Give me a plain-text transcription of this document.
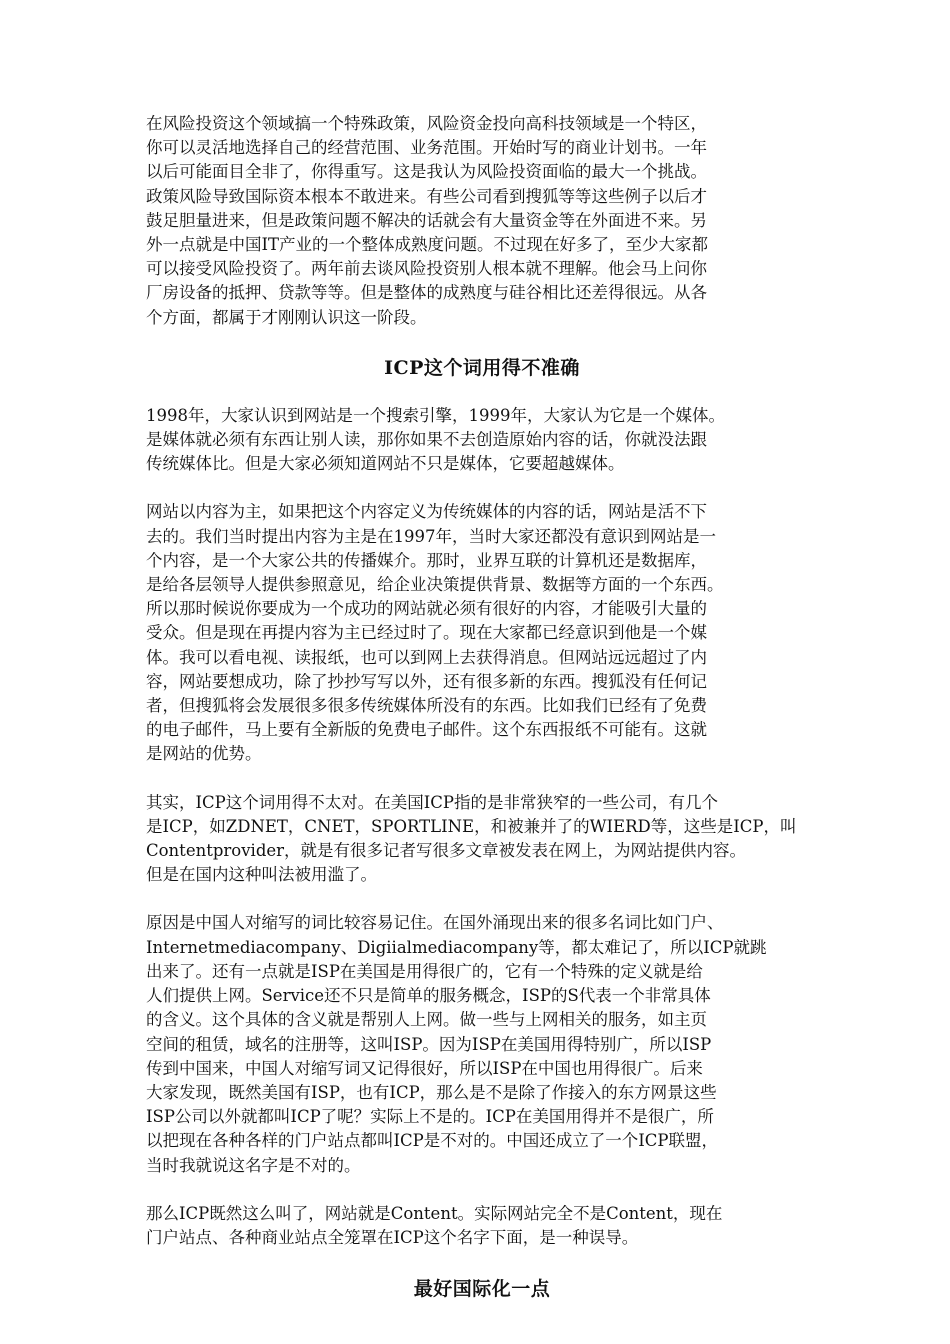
在风险投资这个领域搞一个特殊政策，风险资金投向高科技领域是一个特区，
你可以灵活地选择自己的经营范围、业务范围。开始时写的商业计划书。一年
以后可能面目全非了，你得重写。这是我认为风险投资面临的最大一个挑战。
政策风险导致国际资本根本不敢进来。有些公司看到搜狐等等这些例子以后才
鼓足胆量进来，但是政策问题不解决的话就会有大量资金等在外面进不来。另
外一点就是中国IT产业的一个整体成熟度问题。不过现在好多了，至少大家都
可以接受风险投资了。两年前去谈风险投资别人根本就不理解。他会马上问你
厂房设备的抵押、贷款等等。但是整体的成熟度与硅谷相比还差得很远。从各
个方面，都属于才刚刚认识这一阶段。

ICP这个词用得不准确

1998年，大家认识到网站是一个搜索引擎，1999年，大家认为它是一个媒体。
是媒体就必须有东西让别人读，那你如果不去创造原始内容的话，你就没法跟
传统媒体比。但是大家必须知道网站不只是媒体，它要超越媒体。

网站以内容为主，如果把这个内容定义为传统媒体的内容的话，网站是活不下
去的。我们当时提出内容为主是在1997年，当时大家还都没有意识到网站是一
个内容，是一个大家公共的传播媒介。那时，业界互联的计算机还是数据库，
是给各层领导人提供参照意见，给企业决策提供背景、数据等方面的一个东西。
所以那时候说你要成为一个成功的网站就必须有很好的内容，才能吸引大量的
受众。但是现在再提内容为主已经过时了。现在大家都已经意识到他是一个媒
体。我可以看电视、读报纸，也可以到网上去获得消息。但网站远远超过了内
容，网站要想成功，除了抄抄写写以外，还有很多新的东西。搜狐没有任何记
者，但搜狐将会发展很多很多传统媒体所没有的东西。比如我们已经有了免费
的电子邮件，马上要有全新版的免费电子邮件。这个东西报纸不可能有。这就
是网站的优势。

其实，ICP这个词用得不太对。在美国ICP指的是非常狭窄的一些公司，有几个
是ICP，如ZDNET，CNET，SPORTLINE，和被兼并了的WIERD等，这些是ICP，叫
Contentprovider，就是有很多记者写很多文章被发表在网上，为网站提供内容。
但是在国内这种叫法被用滥了。

原因是中国人对缩写的词比较容易记住。在国外涌现出来的很多名词比如门户、
Internetmediacompany、Digiialmediacompany等，都太难记了，所以ICP就跳
出来了。还有一点就是ISP在美国是用得很广的，它有一个特殊的定义就是给
人们提供上网。Service还不只是简单的服务概念，ISP的S代表一个非常具体
的含义。这个具体的含义就是帮别人上网。做一些与上网相关的服务，如主页
空间的租赁，域名的注册等，这叫ISP。因为ISP在美国用得特别广，所以ISP
传到中国来，中国人对缩写词又记得很好，所以ISP在中国也用得很广。后来
大家发现，既然美国有ISP，也有ICP，那么是不是除了作接入的东方网景这些
ISP公司以外就都叫ICP了呢？实际上不是的。ICP在美国用得并不是很广，所
以把现在各种各样的门户站点都叫ICP是不对的。中国还成立了一个ICP联盟，
当时我就说这名字是不对的。

那么ICP既然这么叫了，网站就是Content。实际网站完全不是Content，现在
门户站点、各种商业站点全笼罩在ICP这个名字下面，是一种误导。

最好国际化一点
